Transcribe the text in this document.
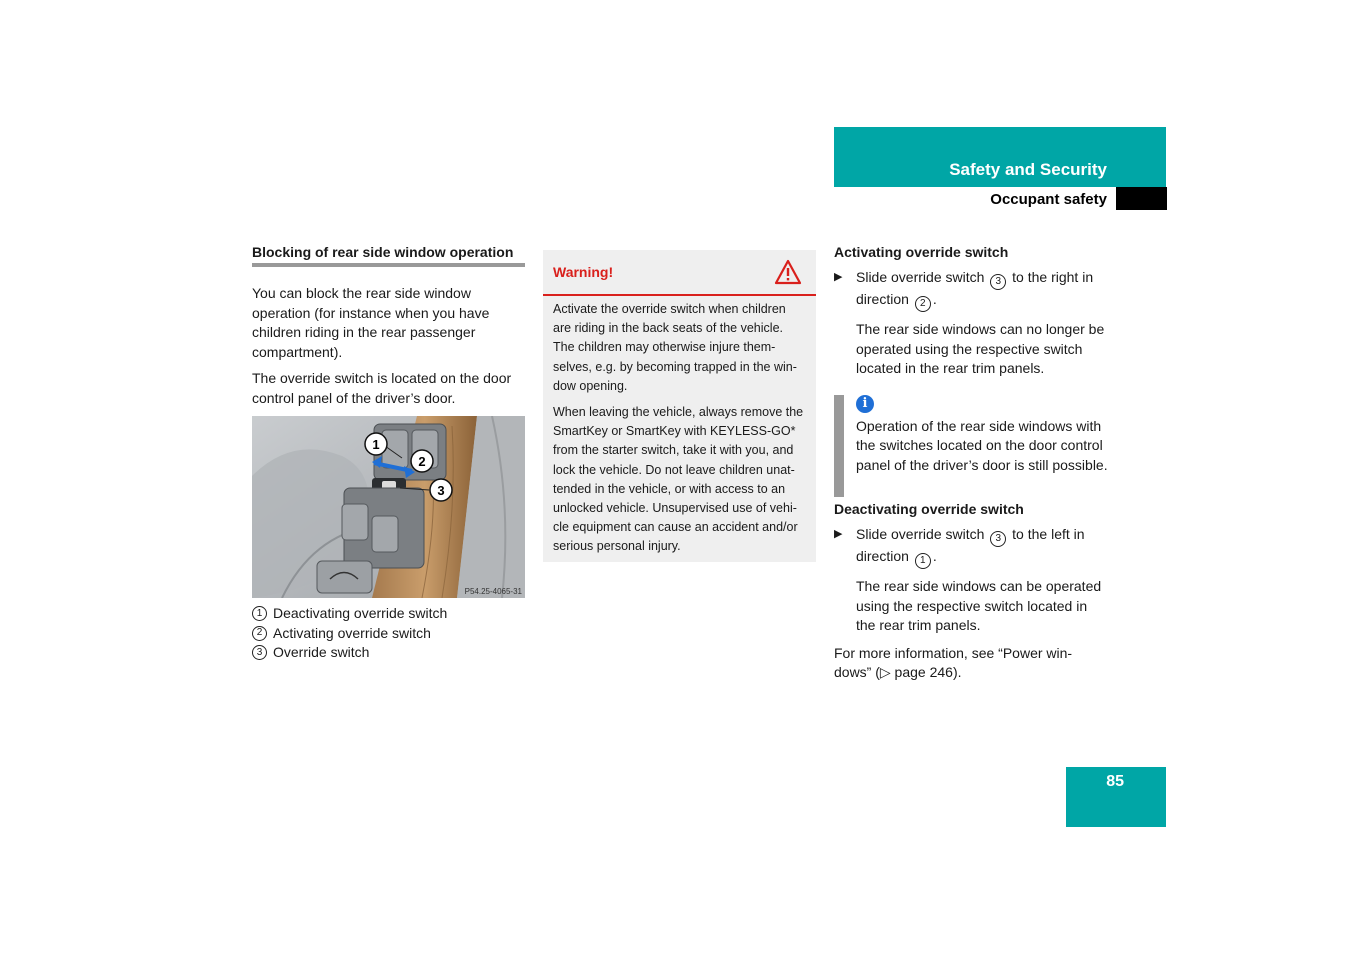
Safety and Security
Occupant safety
Blocking of rear side window operation

You can block the rear side window operation (for instance when you have children riding in the rear passenger compartment).

The override switch is located on the door control panel of the driver’s door.

1
2
3
P54.25-4065-31
1 Deactivating override switch
2 Activating override switch
3 Override switch
Warning!

Activate the override switch when children are riding in the back seats of the vehicle. The children may otherwise injure them-selves, e.g. by becoming trapped in the win-dow opening.

When leaving the vehicle, always remove the SmartKey or SmartKey with KEYLESS-GO* from the starter switch, take it with you, and lock the vehicle. Do not leave children unat-tended in the vehicle, or with access to an unlocked vehicle. Unsupervised use of vehi-cle equipment can cause an accident and/or serious personal injury.

Activating override switch
▶ Slide override switch 3 to the right in direction 2 .
The rear side windows can no longer be operated using the respective switch located in the rear trim panels.
i

Operation of the rear side windows with the switches located on the door control panel of the driver’s door is still possible.

Deactivating override switch
▶ Slide override switch 3 to the left in direction 1 .
The rear side windows can be operated using the respective switch located in the rear trim panels.
For more information, see “Power win-dows” (▷ page 246).
85
